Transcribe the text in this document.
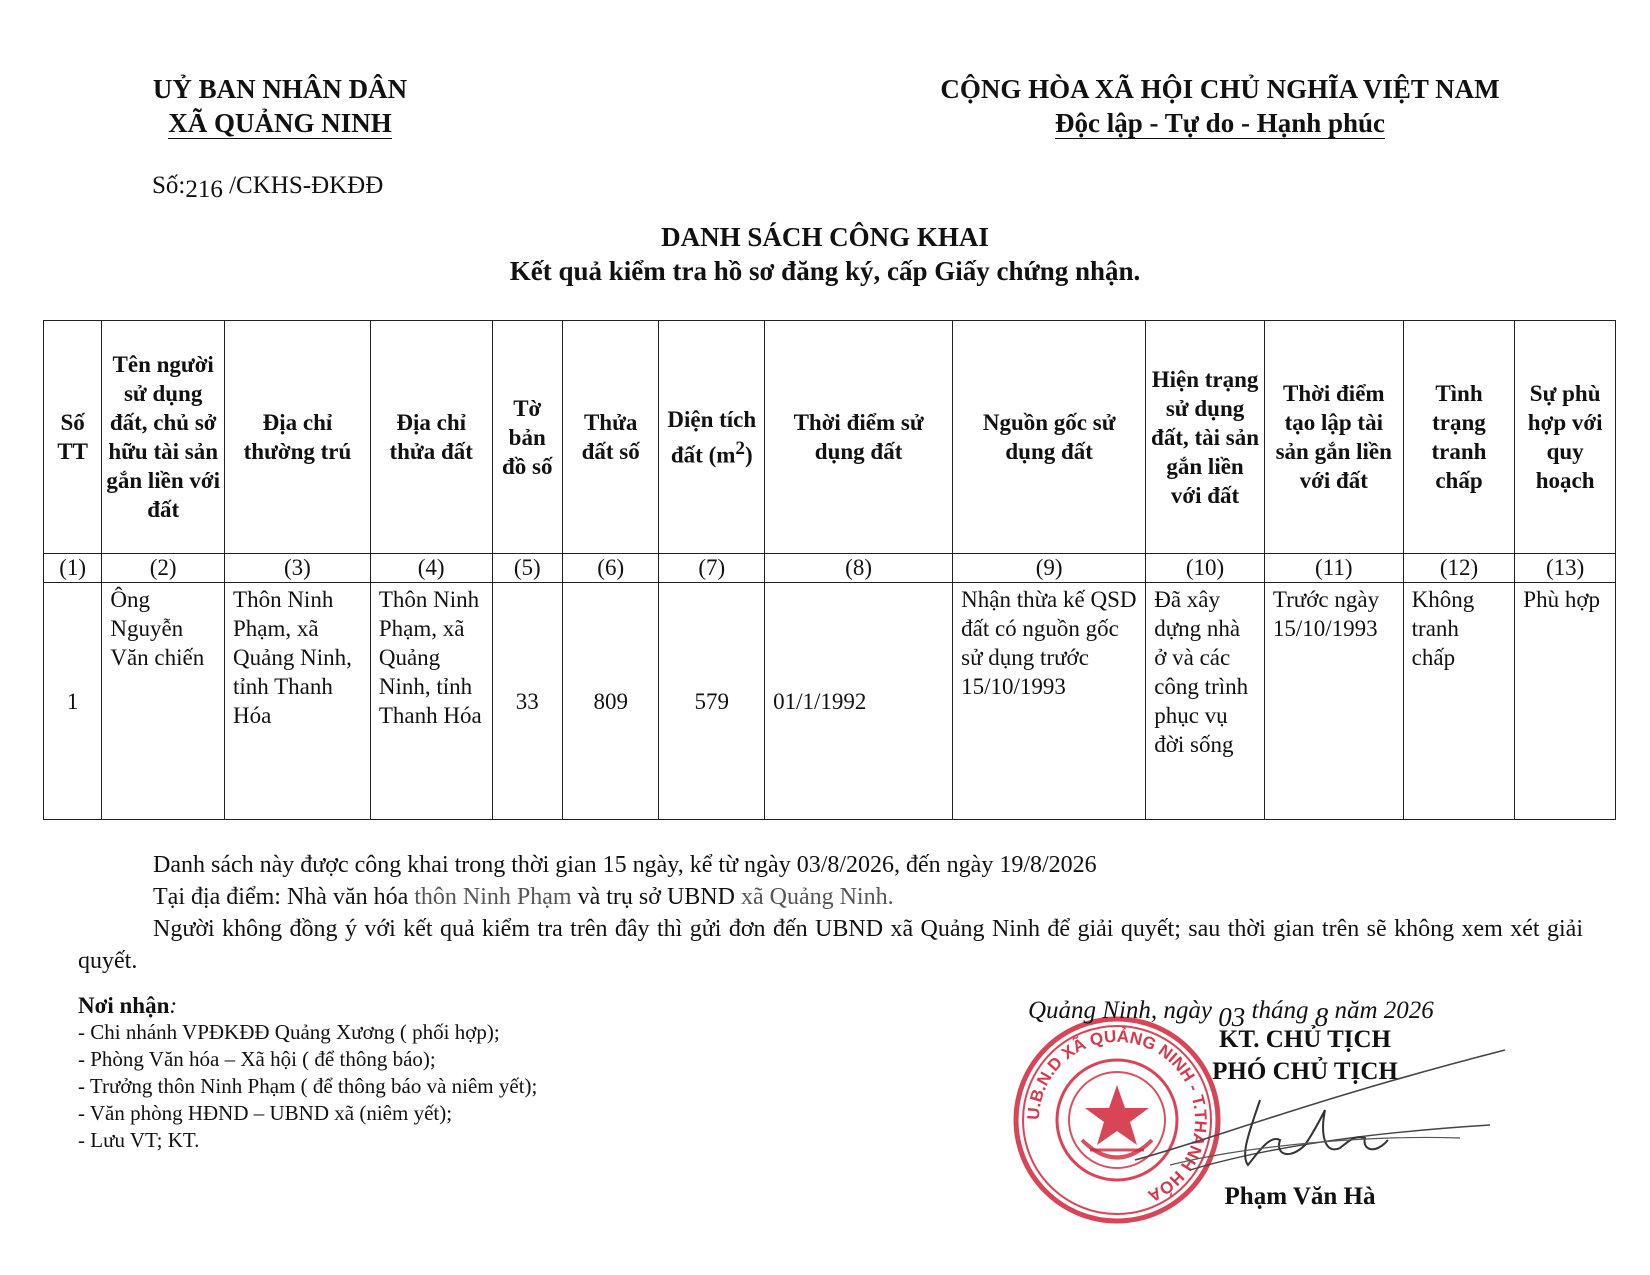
UỶ BAN NHÂN DÂN
XÃ QUẢNG NINH
CỘNG HÒA XÃ HỘI CHỦ NGHĨA VIỆT NAM
Độc lập - Tự do - Hạnh phúc
Số:216 /CKHS-ĐKĐĐ
DANH SÁCH CÔNG KHAI
Kết quả kiểm tra hồ sơ đăng ký, cấp Giấy chứng nhận.
Số TT	Tên người sử dụng đất, chủ sở hữu tài sản gắn liền với đất	Địa chỉ thường trú	Địa chỉ thửa đất	Tờ bản đồ số	Thửa đất số	Diện tích đất $(m^2)$	Thời điểm sử dụng đất	Nguồn gốc sử dụng đất	Hiện trạng sử dụng đất, tài sản gắn liền với đất	Thời điểm tạo lập tài sản gắn liền với đất	Tình trạng tranh chấp	Sự phù hợp với quy hoạch
(1)	(2)	(3)	(4)	(5)	(6)	(7)	(8)	(9)	(10)	(11)	(12)	(13)
1	Ông Nguyễn Văn chiến	Thôn Ninh Phạm, xã Quảng Ninh, tỉnh Thanh Hóa	Thôn Ninh Phạm, xã Quảng Ninh, tỉnh Thanh Hóa	33	809	579	01/1/1992	Nhận thừa kế QSD đất có nguồn gốc sử dụng trước 15/10/1993	Đã xây dựng nhà ở và các công trình phục vụ đời sống	Trước ngày 15/10/1993	Không tranh chấp	Phù hợp
Danh sách này được công khai trong thời gian 15 ngày, kể từ ngày 03/8/2026, đến ngày 19/8/2026
Tại địa điểm: Nhà văn hóa thôn Ninh Phạm và trụ sở UBND xã Quảng Ninh.
Người không đồng ý với kết quả kiểm tra trên đây thì gửi đơn đến UBND xã Quảng Ninh để giải quyết; sau thời gian trên sẽ không xem xét giải quyết.
Nơi nhận:
- Chi nhánh VPĐKĐĐ Quảng Xương ( phối hợp);
- Phòng Văn hóa – Xã hội ( để thông báo);
- Trưởng thôn Ninh Phạm ( để thông báo và niêm yết);
- Văn phòng HĐND – UBND xã (niêm yết);
- Lưu VT; KT.
U.B.N.D XÃ QUẢNG NINH - T.THANH HÓA
Quảng Ninh, ngày 03 tháng 8 năm 2026
KT. CHỦ TỊCH
PHÓ CHỦ TỊCH
Phạm Văn Hà
